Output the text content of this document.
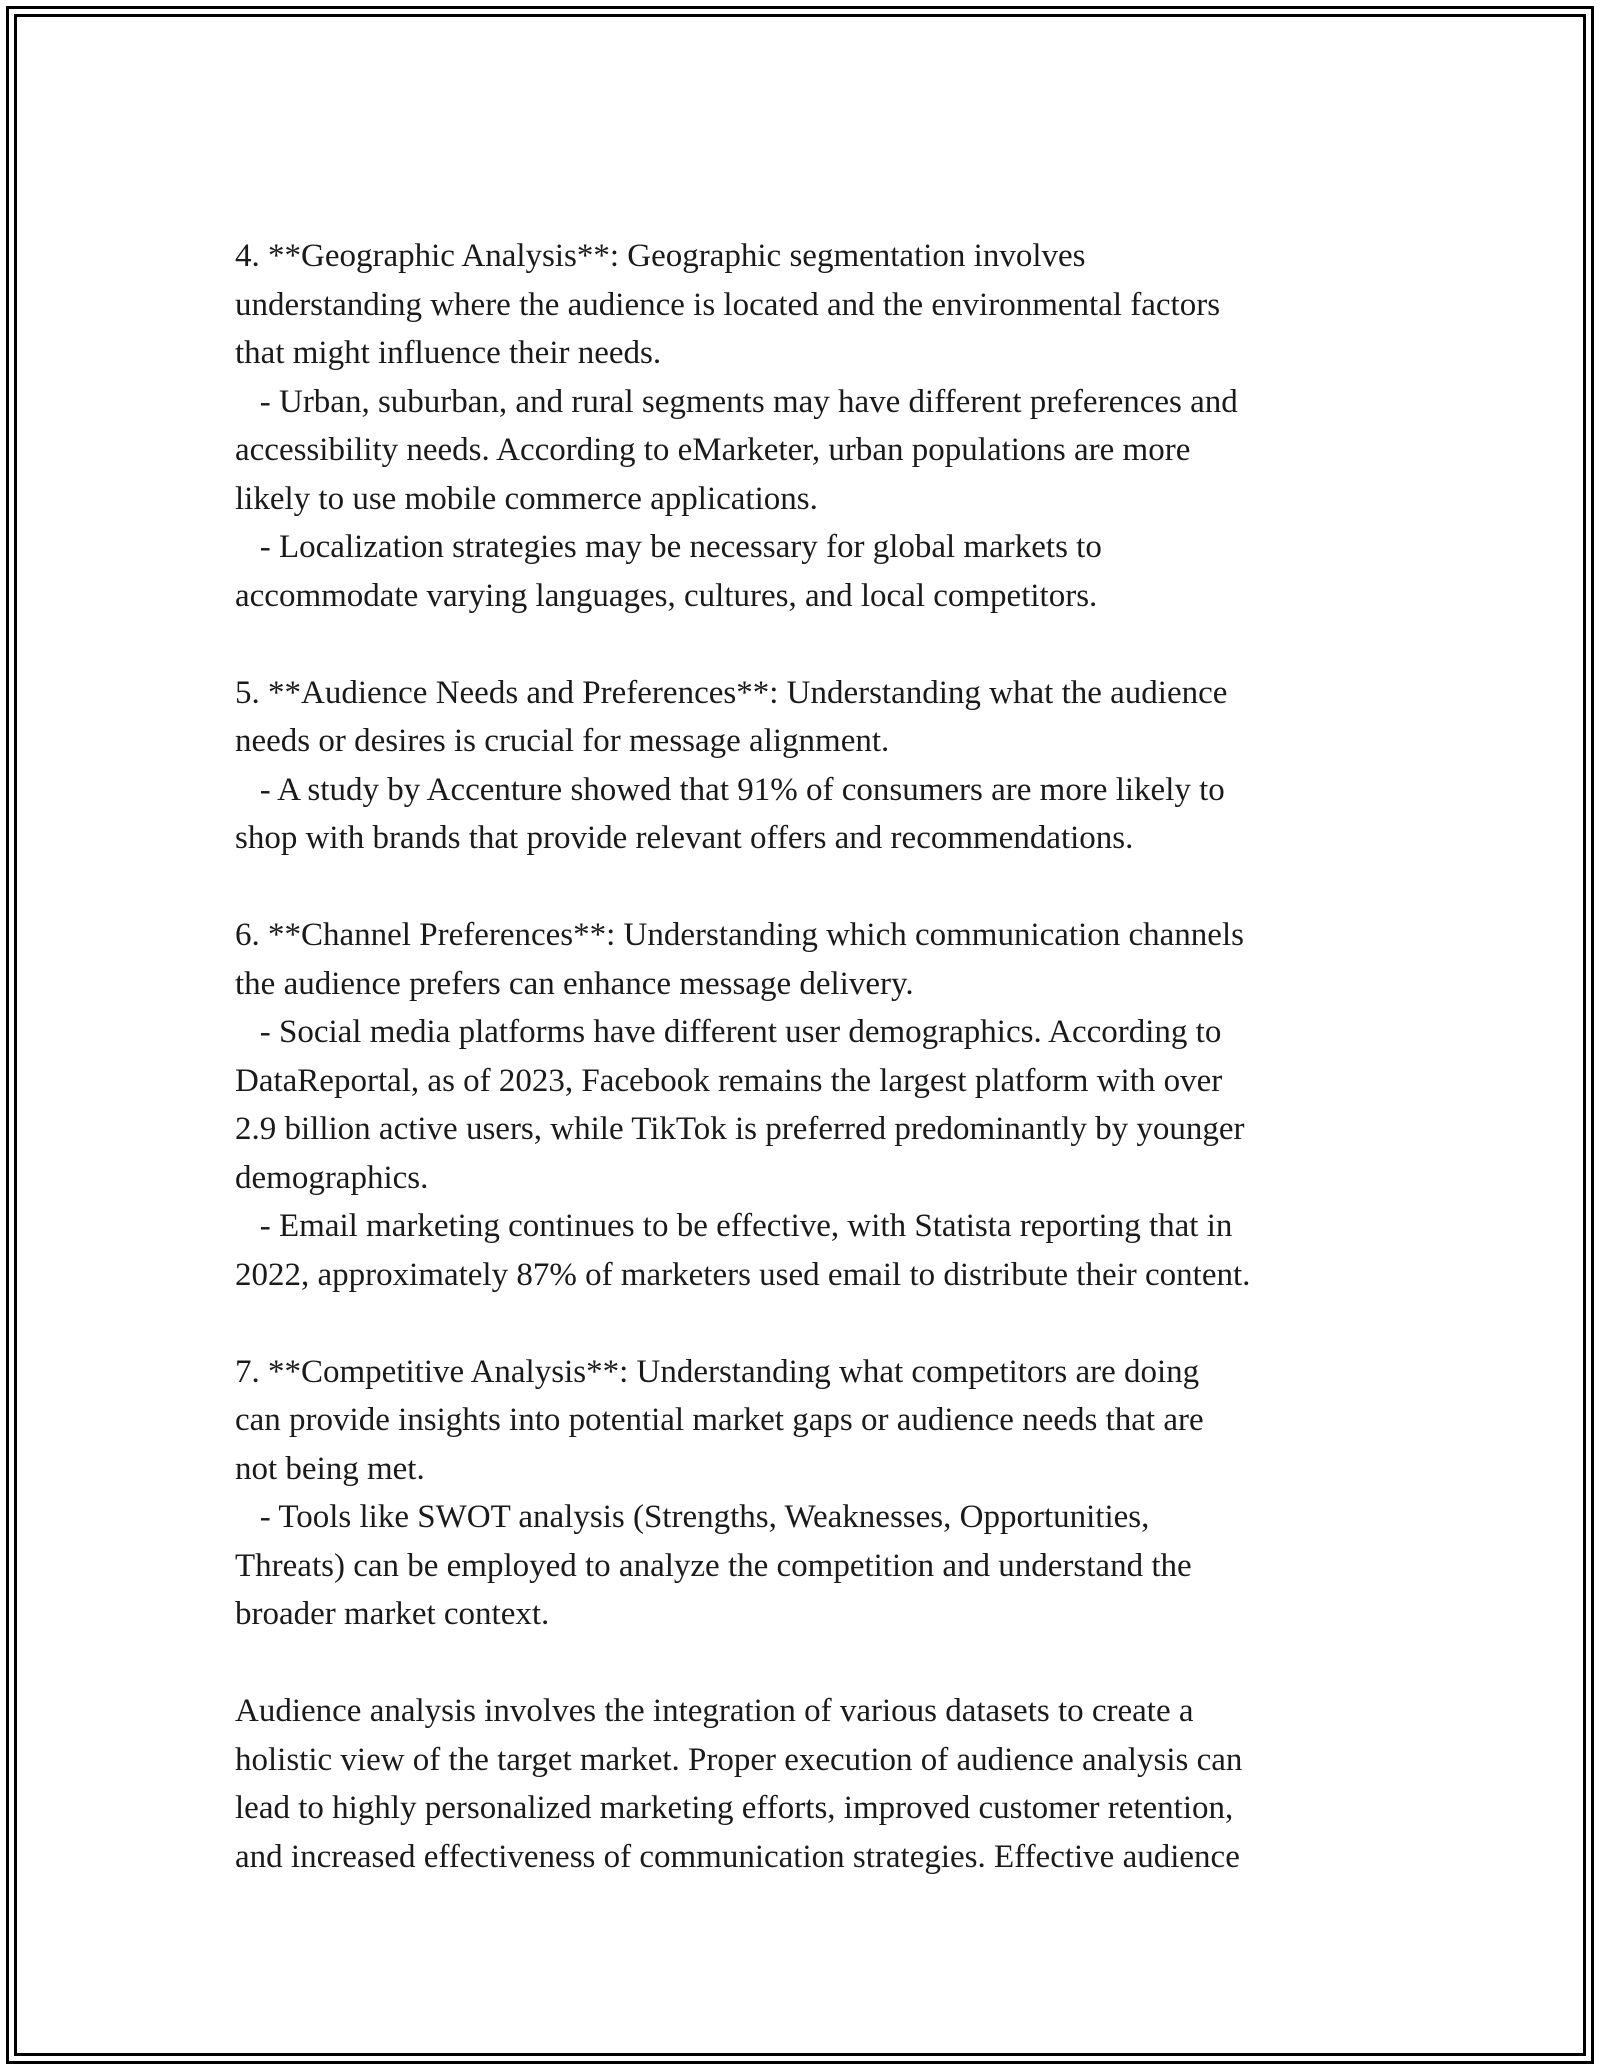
4. **Geographic Analysis**: Geographic segmentation involves
understanding where the audience is located and the environmental factors
that might influence their needs.
- Urban, suburban, and rural segments may have different preferences and
accessibility needs. According to eMarketer, urban populations are more
likely to use mobile commerce applications.
- Localization strategies may be necessary for global markets to
accommodate varying languages, cultures, and local competitors.
5. **Audience Needs and Preferences**: Understanding what the audience
needs or desires is crucial for message alignment.
- A study by Accenture showed that 91% of consumers are more likely to
shop with brands that provide relevant offers and recommendations.
6. **Channel Preferences**: Understanding which communication channels
the audience prefers can enhance message delivery.
- Social media platforms have different user demographics. According to
DataReportal, as of 2023, Facebook remains the largest platform with over
2.9 billion active users, while TikTok is preferred predominantly by younger
demographics.
- Email marketing continues to be effective, with Statista reporting that in
2022, approximately 87% of marketers used email to distribute their content.
7. **Competitive Analysis**: Understanding what competitors are doing
can provide insights into potential market gaps or audience needs that are
not being met.
- Tools like SWOT analysis (Strengths, Weaknesses, Opportunities,
Threats) can be employed to analyze the competition and understand the
broader market context.
Audience analysis involves the integration of various datasets to create a
holistic view of the target market. Proper execution of audience analysis can
lead to highly personalized marketing efforts, improved customer retention,
and increased effectiveness of communication strategies. Effective audience
